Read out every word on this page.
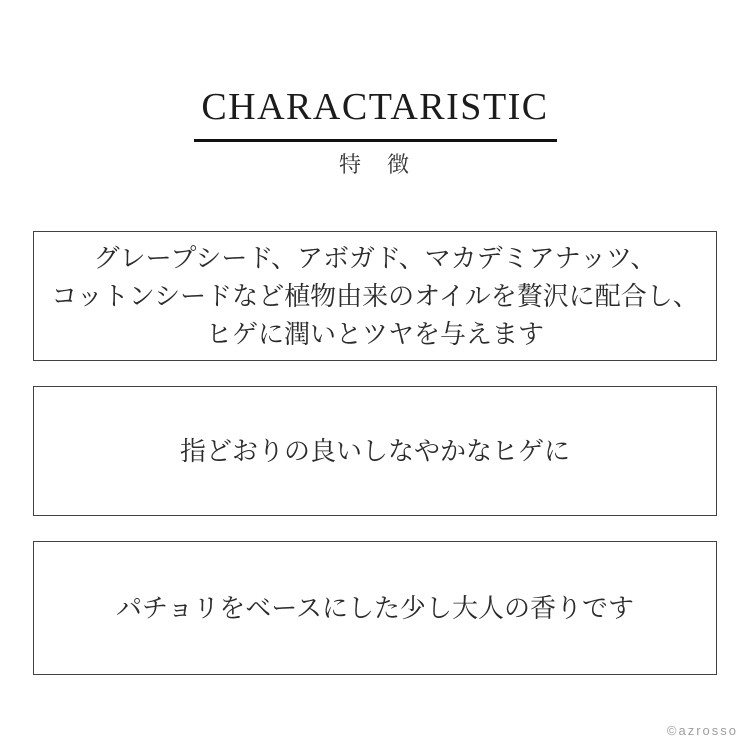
CHARACTARISTIC
特　徴
グレープシード、アボガド、マカデミアナッツ、
コットンシードなど植物由来のオイルを贅沢に配合し、
ヒゲに潤いとツヤを与えます
指どおりの良いしなやかなヒゲに
パチョリをベースにした少し大人の香りです
©azrosso
